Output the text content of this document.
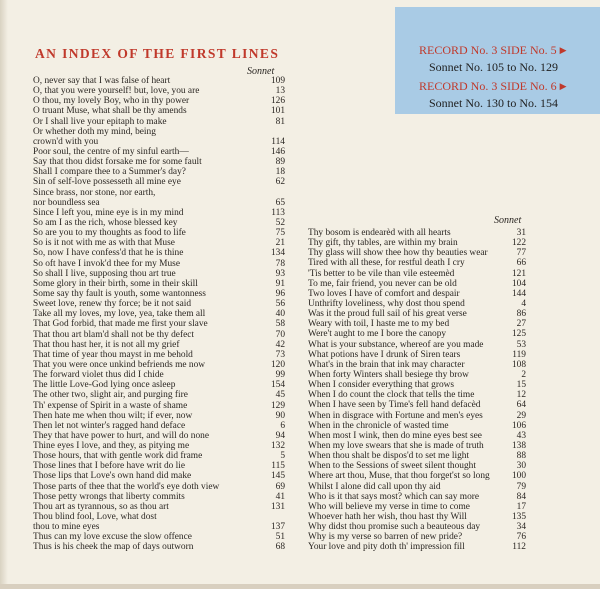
AN INDEX OF THE FIRST LINES
Sonnet
Sonnet
O, never say that I was false of heart	109
O, that you were yourself! but, love, you are	13
O thou, my lovely Boy, who in thy power	126
O truant Muse, what shall be thy amends	101
Or I shall live your epitaph to make	81
Or whether doth my mind, being
crown'd with you	114
Poor soul, the centre of my sinful earth—	146
Say that thou didst forsake me for some fault	89
Shall I compare thee to a Summer's day?	18
Sin of self-love possesseth all mine eye	62
Since brass, nor stone, nor earth,
nor boundless sea	65
Since I left you, mine eye is in my mind	113
So am I as the rich, whose blessed key	52
So are you to my thoughts as food to life	75
So is it not with me as with that Muse	21
So, now I have confess'd that he is thine	134
So oft have I invok'd thee for my Muse	78
So shall I live, supposing thou art true	93
Some glory in their birth, some in their skill	91
Some say thy fault is youth, some wantonness	96
Sweet love, renew thy force; be it not said	56
Take all my loves, my love, yea, take them all	40
That God forbid, that made me first your slave	58
That thou art blam'd shall not be thy defect	70
That thou hast her, it is not all my grief	42
That time of year thou mayst in me behold	73
That you were once unkind befriends me now	120
The forward violet thus did I chide	99
The little Love-God lying once asleep	154
The other two, slight air, and purging fire	45
Th' expense of Spirit in a waste of shame	129
Then hate me when thou wilt; if ever, now	90
Then let not winter's ragged hand deface	6
They that have power to hurt, and will do none	94
Thine eyes I love, and they, as pitying me	132
Those hours, that with gentle work did frame	5
Those lines that I before have writ do lie	115
Those lips that Love's own hand did make	145
Those parts of thee that the world's eye doth view	69
Those petty wrongs that liberty commits	41
Thou art as tyrannous, so as thou art	131
Thou blind fool, Love, what dost
thou to mine eyes	137
Thus can my love excuse the slow offence	51
Thus is his cheek the map of days outworn	68
Thy bosom is endearèd with all hearts	31
Thy gift, thy tables, are within my brain	122
Thy glass will show thee how thy beauties wear	77
Tired with all these, for restful death I cry	66
'Tis better to be vile than vile esteemèd	121
To me, fair friend, you never can be old	104
Two loves I have of comfort and despair	144
Unthrifty loveliness, why dost thou spend	4
Was it the proud full sail of his great verse	86
Weary with toil, I haste me to my bed	27
Were't aught to me I bore the canopy	125
What is your substance, whereof are you made	53
What potions have I drunk of Siren tears	119
What's in the brain that ink may character	108
When forty Winters shall besiege thy brow	2
When I consider everything that grows	15
When I do count the clock that tells the time	12
When I have seen by Time's fell hand defacèd	64
When in disgrace with Fortune and men's eyes	29
When in the chronicle of wasted time	106
When most I wink, then do mine eyes best see	43
When my love swears that she is made of truth	138
When thou shalt be dispos'd to set me light	88
When to the Sessions of sweet silent thought	30
Where art thou, Muse, that thou forget'st so long	100
Whilst I alone did call upon thy aid	79
Who is it that says most? which can say more	84
Who will believe my verse in time to come	17
Whoever hath her wish, thou hast thy Will	135
Why didst thou promise such a beauteous day	34
Why is my verse so barren of new pride?	76
Your love and pity doth th' impression fill	112
RECORD No. 3 SIDE No. 5 ▶
Sonnet No. 105 to No. 129
RECORD No. 3 SIDE No. 6 ▶
Sonnet No. 130 to No. 154
